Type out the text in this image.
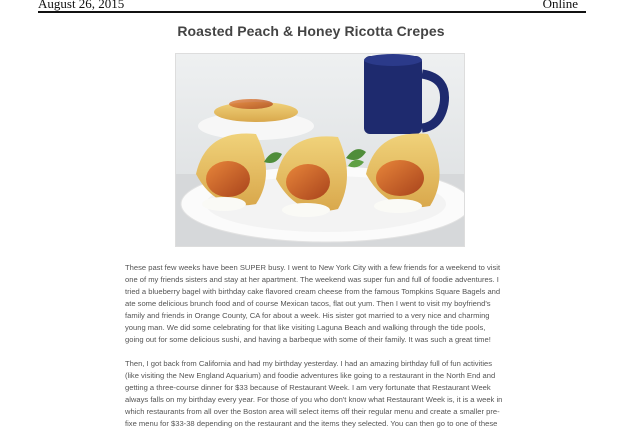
August 26, 2015	Online
Roasted Peach & Honey Ricotta Crepes

These past few weeks have been SUPER busy. I went to New York City with a few friends for a weekend to visit one of my friends sisters and stay at her apartment. The weekend was super fun and full of foodie adventures. I tried a blueberry bagel with birthday cake flavored cream cheese from the famous Tompkins Square Bagels and ate some delicious brunch food and of course Mexican tacos, flat out yum. Then I went to visit my boyfriend's family and friends in Orange County, CA for about a week. His sister got married to a very nice and charming young man. We did some celebrating for that like visiting Laguna Beach and walking through the tide pools, going out for some delicious sushi, and having a barbeque with some of their family. It was such a great time!

Then, I got back from California and had my birthday yesterday. I had an amazing birthday full of fun activities (like visiting the New England Aquarium) and foodie adventures like going to a restaurant in the North End and getting a three-course dinner for $33 because of Restaurant Week. I am very fortunate that Restaurant Week always falls on my birthday every year. For those of you who don't know what Restaurant Week is, it is a week in which restaurants from all over the Boston area will select items off their regular menu and create a smaller pre-fixe menu for $33-38 depending on the restaurant and the items they selected. You can then go to one of these
